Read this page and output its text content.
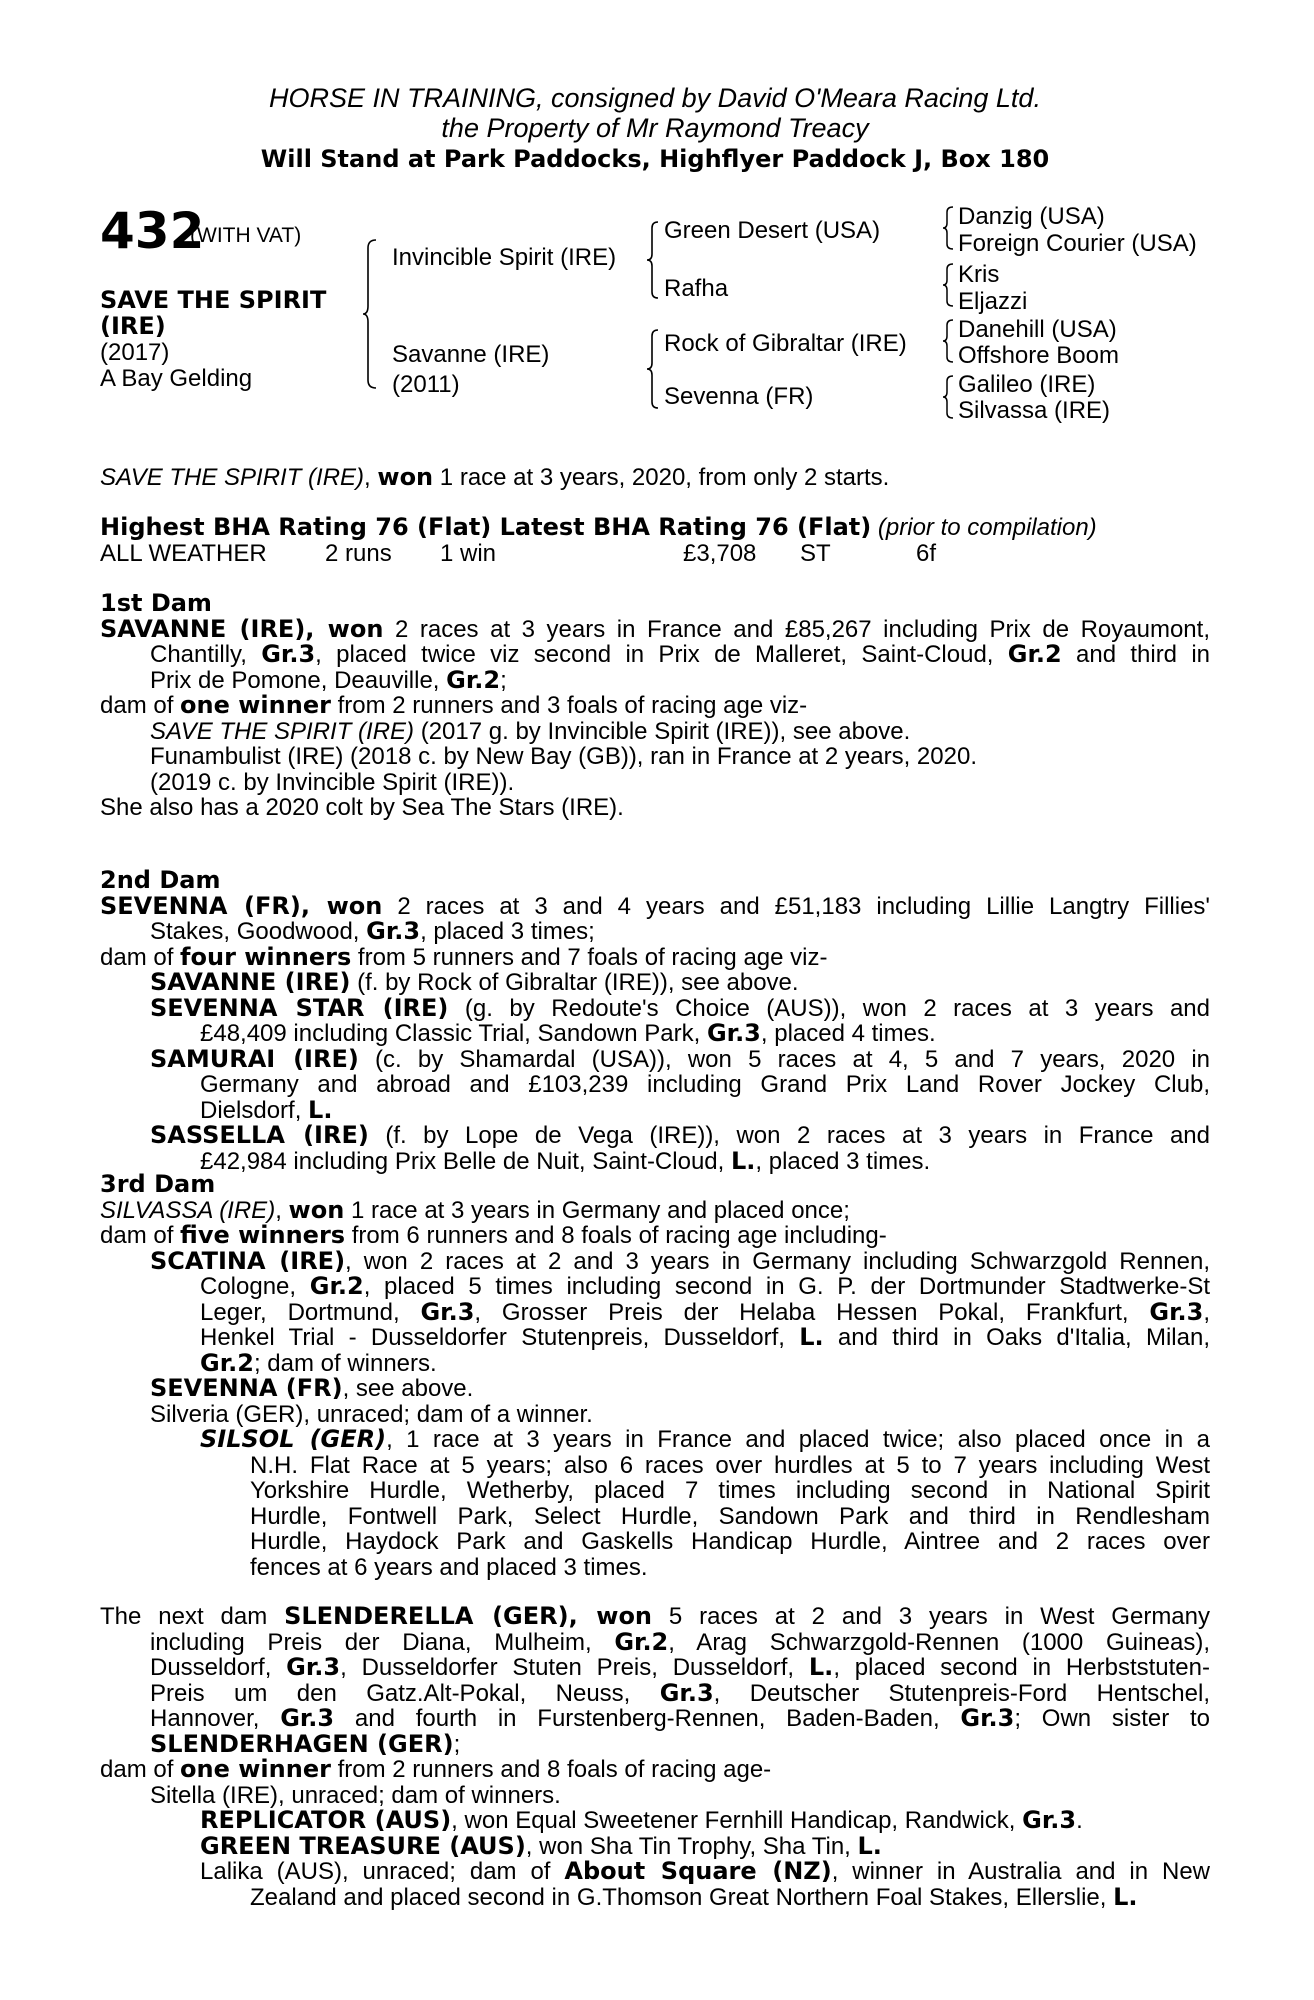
HORSE IN TRAINING, consigned by David O'Meara Racing Ltd.
the Property of Mr Raymond Treacy
Will Stand at Park Paddocks, Highflyer Paddock J, Box 180
432
(WITH VAT)
SAVE THE SPIRIT
(IRE)
(2017)
A Bay Gelding
Invincible Spirit (IRE)
Savanne (IRE)
(2011)
Green Desert (USA)
Rafha
Rock of Gibraltar (IRE)
Sevenna (FR)
Danzig (USA)
Foreign Courier (USA)
Kris
Eljazzi
Danehill (USA)
Offshore Boom
Galileo (IRE)
Silvassa (IRE)
SAVE THE SPIRIT (IRE), won 1 race at 3 years, 2020, from only 2 starts.
Highest BHA Rating 76 (Flat) Latest BHA Rating 76 (Flat) (prior to compilation)
ALL WEATHER 2 runs 1 win	£3,708 ST	6f
1st Dam
SAVANNE (IRE), won 2 races at 3 years in France and £85,267 including Prix de Royaumont,
Chantilly, Gr.3, placed twice viz second in Prix de Malleret, Saint-Cloud, Gr.2 and third in
Prix de Pomone, Deauville, Gr.2;
dam of one winner from 2 runners and 3 foals of racing age viz-
SAVE THE SPIRIT (IRE) (2017 g. by Invincible Spirit (IRE)), see above.
Funambulist (IRE) (2018 c. by New Bay (GB)), ran in France at 2 years, 2020.
(2019 c. by Invincible Spirit (IRE)).
She also has a 2020 colt by Sea The Stars (IRE).
2nd Dam
SEVENNA (FR), won 2 races at 3 and 4 years and £51,183 including Lillie Langtry Fillies'
Stakes, Goodwood, Gr.3, placed 3 times;
dam of four winners from 5 runners and 7 foals of racing age viz-
SAVANNE (IRE) (f. by Rock of Gibraltar (IRE)), see above.
SEVENNA STAR (IRE) (g. by Redoute's Choice (AUS)), won 2 races at 3 years and
£48,409 including Classic Trial, Sandown Park, Gr.3, placed 4 times.
SAMURAI (IRE) (c. by Shamardal (USA)), won 5 races at 4, 5 and 7 years, 2020 in
Germany and abroad and £103,239 including Grand Prix Land Rover Jockey Club,
Dielsdorf, L.
SASSELLA (IRE) (f. by Lope de Vega (IRE)), won 2 races at 3 years in France and
£42,984 including Prix Belle de Nuit, Saint-Cloud, L., placed 3 times.
3rd Dam
SILVASSA (IRE), won 1 race at 3 years in Germany and placed once;
dam of five winners from 6 runners and 8 foals of racing age including-
SCATINA (IRE), won 2 races at 2 and 3 years in Germany including Schwarzgold Rennen,
Cologne, Gr.2, placed 5 times including second in G. P. der Dortmunder Stadtwerke-St
Leger, Dortmund, Gr.3, Grosser Preis der Helaba Hessen Pokal, Frankfurt, Gr.3,
Henkel Trial - Dusseldorfer Stutenpreis, Dusseldorf, L. and third in Oaks d'Italia, Milan,
Gr.2; dam of winners.
SEVENNA (FR), see above.
Silveria (GER), unraced; dam of a winner.
SILSOL (GER), 1 race at 3 years in France and placed twice; also placed once in a
N.H. Flat Race at 5 years; also 6 races over hurdles at 5 to 7 years including West
Yorkshire Hurdle, Wetherby, placed 7 times including second in National Spirit
Hurdle, Fontwell Park, Select Hurdle, Sandown Park and third in Rendlesham
Hurdle, Haydock Park and Gaskells Handicap Hurdle, Aintree and 2 races over
fences at 6 years and placed 3 times.
The next dam SLENDERELLA (GER), won 5 races at 2 and 3 years in West Germany
including Preis der Diana, Mulheim, Gr.2, Arag Schwarzgold-Rennen (1000 Guineas),
Dusseldorf, Gr.3, Dusseldorfer Stuten Preis, Dusseldorf, L., placed second in Herbststuten-
Preis um den Gatz.Alt-Pokal, Neuss, Gr.3, Deutscher Stutenpreis-Ford Hentschel,
Hannover, Gr.3 and fourth in Furstenberg-Rennen, Baden-Baden, Gr.3; Own sister to
SLENDERHAGEN (GER);
dam of one winner from 2 runners and 8 foals of racing age-
Sitella (IRE), unraced; dam of winners.
REPLICATOR (AUS), won Equal Sweetener Fernhill Handicap, Randwick, Gr.3.
GREEN TREASURE (AUS), won Sha Tin Trophy, Sha Tin, L.
Lalika (AUS), unraced; dam of About Square (NZ), winner in Australia and in New
Zealand and placed second in G.Thomson Great Northern Foal Stakes, Ellerslie, L.
